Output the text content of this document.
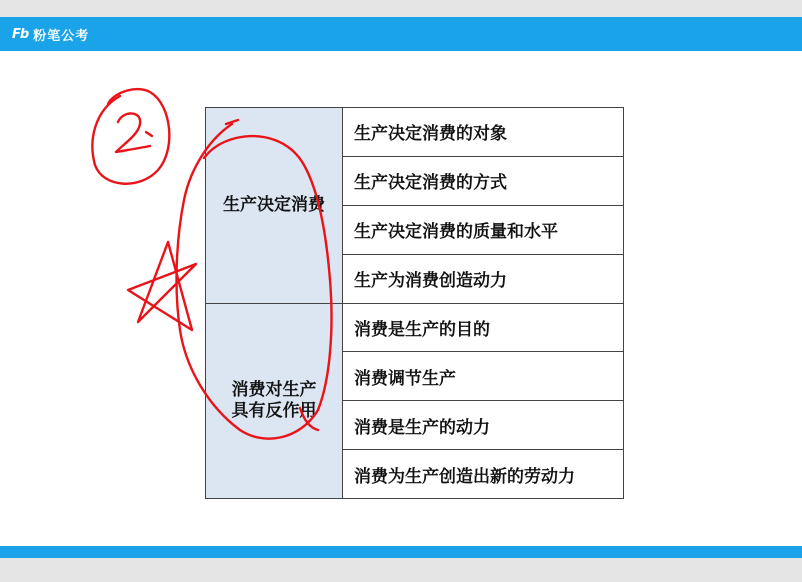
Fb 粉笔公考
生产决定消费
消费对生产具有反作用
生产决定消费的对象
生产决定消费的方式
生产决定消费的质量和水平
生产为消费创造动力
消费是生产的目的
消费调节生产
消费是生产的动力
消费为生产创造出新的劳动力
